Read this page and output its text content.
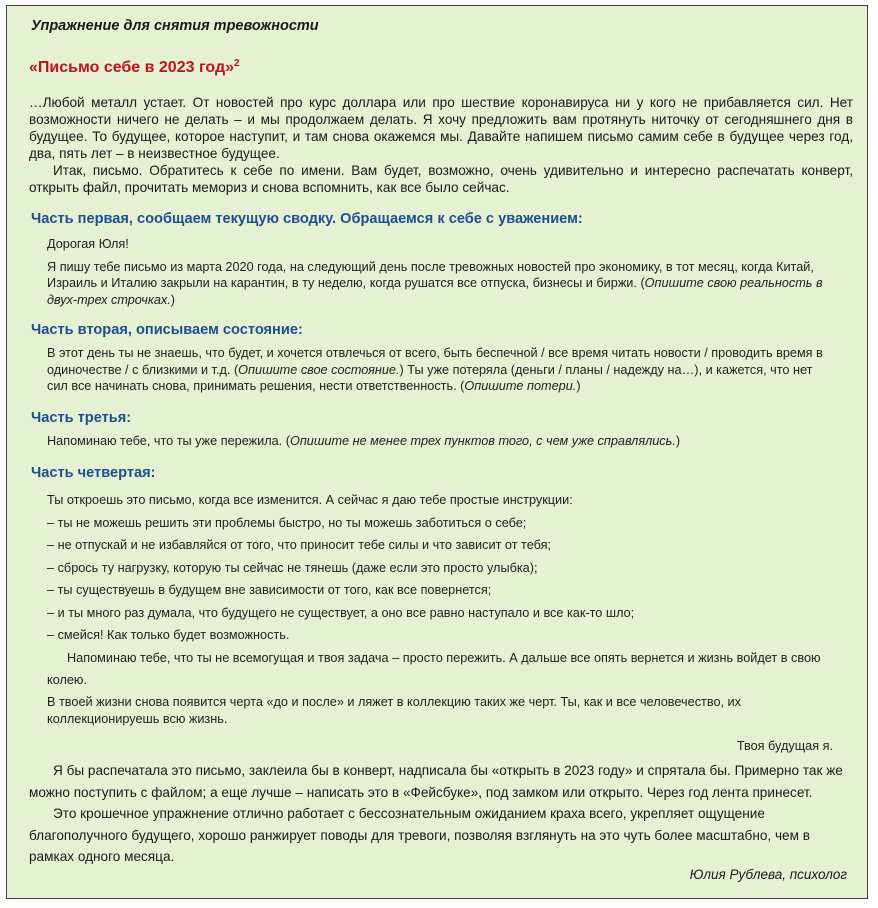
Упражнение для снятия тревожности
«Письмо себе в 2023 год»$^2$

…Любой металл устает. От новостей про курс доллара или про шествие коронавируса ни у кого не прибавляется сил. Нет возможности ничего не делать – и мы продолжаем делать. Я хочу предложить вам протянуть ниточку от сегодняшнего дня в будущее. То будущее, которое наступит, и там снова окажемся мы. Давайте напишем письмо самим себе в будущее через год, два, пять лет – в неизвестное будущее.

Итак, письмо. Обратитесь к себе по имени. Вам будет, возможно, очень удивительно и интересно распечатать конверт, открыть файл, прочитать мемориз и снова вспомнить, как все было сейчас.

Часть первая, сообщаем текущую сводку. Обращаемся к себе с уважением:

Дорогая Юля!

Я пишу тебе письмо из марта 2020 года, на следующий день после тревожных новостей про экономику, в тот месяц, когда Китай, Израиль и Италию закрыли на карантин, в ту неделю, когда рушатся все отпуска, бизнесы и биржи. (Опишите свою реальность в двух-трех строчках.)

Часть вторая, описываем состояние:

В этот день ты не знаешь, что будет, и хочется отвлечься от всего, быть беспечной / все время читать новости / проводить время в одиночестве / с близкими и т.д. (Опишите свое состояние.) Ты уже потеряла (деньги / планы / надежду на…), и кажется, что нет сил все начинать снова, принимать решения, нести ответственность. (Опишите потери.)

Часть третья:

Напоминаю тебе, что ты уже пережила. (Опишите не менее трех пунктов того, с чем уже справлялись.)

Часть четвертая:

Ты откроешь это письмо, когда все изменится. А сейчас я даю тебе простые инструкции:

– ты не можешь решить эти проблемы быстро, но ты можешь заботиться о себе;

– не отпускай и не избавляйся от того, что приносит тебе силы и что зависит от тебя;

– сбрось ту нагрузку, которую ты сейчас не тянешь (даже если это просто улыбка);

– ты существуешь в будущем вне зависимости от того, как все повернется;

– и ты много раз думала, что будущего не существует, а оно все равно наступало и все как-то шло;

– смейся! Как только будет возможность.

Напоминаю тебе, что ты не всемогущая и твоя задача – просто пережить. А дальше все опять вернется и жизнь войдет в свою колею.

В твоей жизни снова появится черта «до и после» и ляжет в коллекцию таких же черт. Ты, как и все человечество, их коллекционируешь всю жизнь.

Твоя будущая я.

Я бы распечатала это письмо, заклеила бы в конверт, надписала бы «открыть в 2023 году» и спрятала бы. Примерно так же можно поступить с файлом; а еще лучше – написать это в «Фейсбуке», под замком или открыто. Через год лента принесет.

Это крошечное упражнение отлично работает с бессознательным ожиданием краха всего, укрепляет ощущение благополучного будущего, хорошо ранжирует поводы для тревоги, позволяя взглянуть на это чуть более масштабно, чем в рамках одного месяца.

Юлия Рублева, психолог
